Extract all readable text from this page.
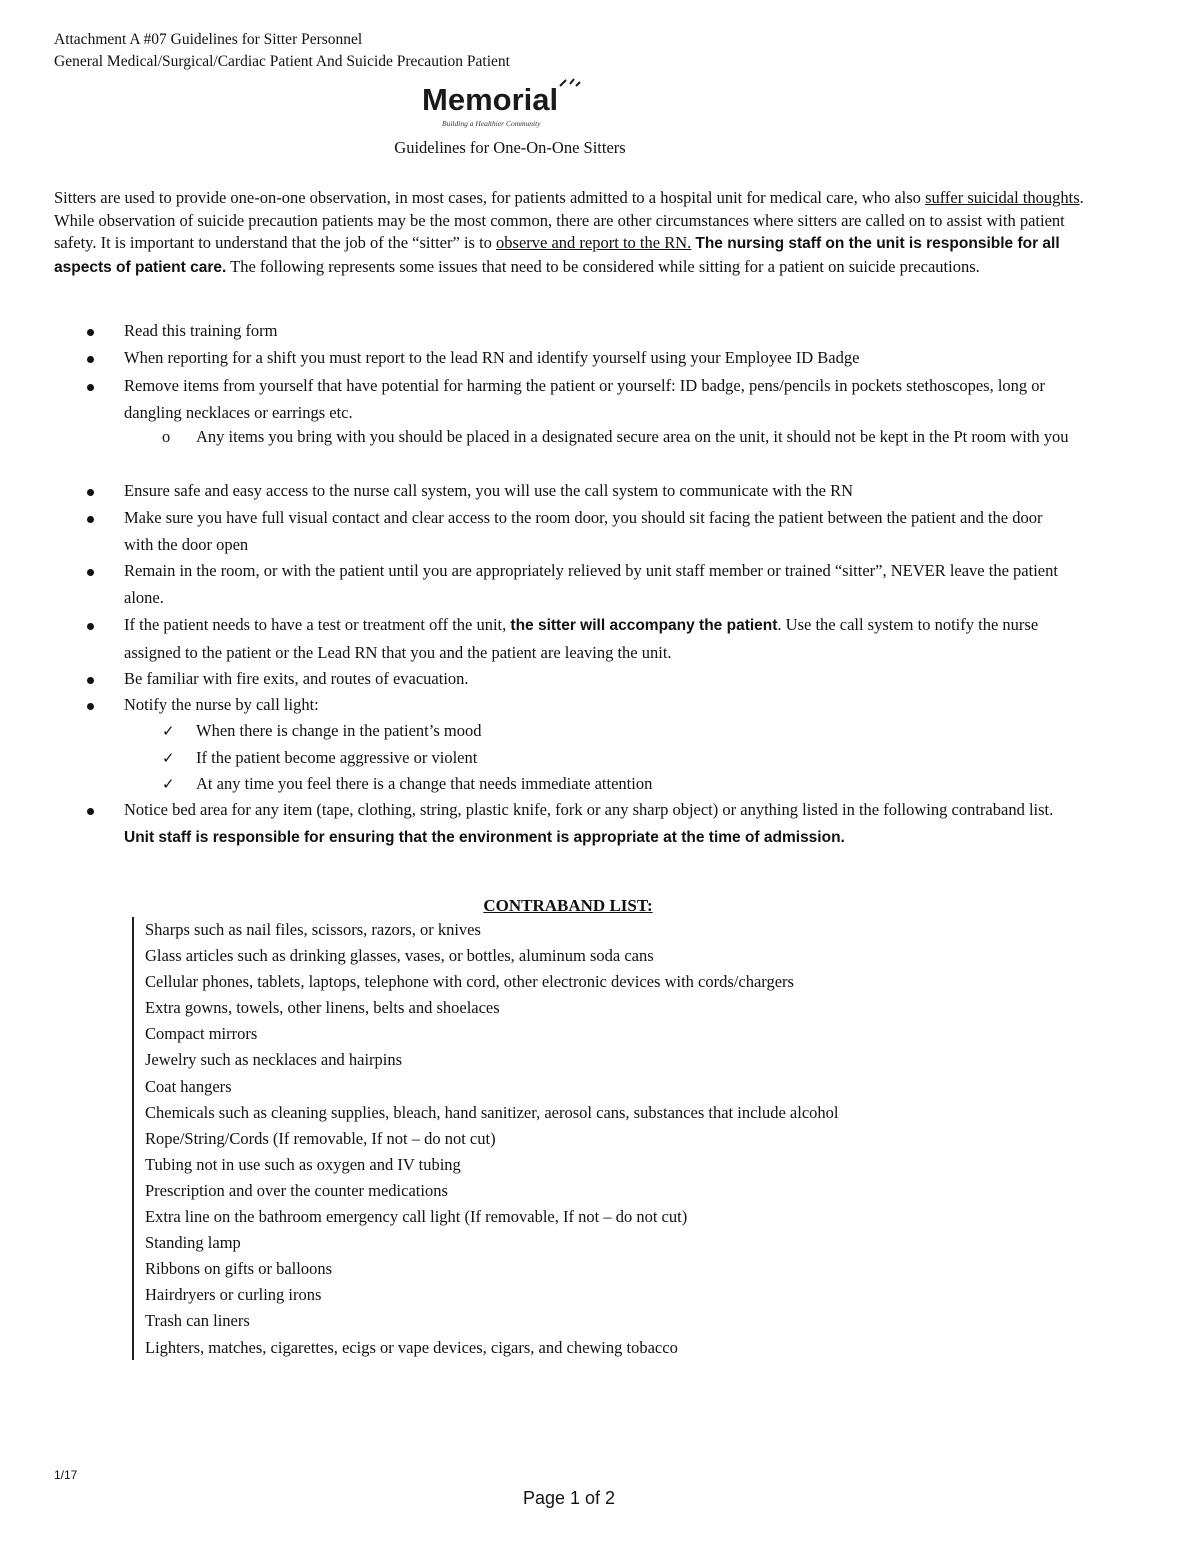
Attachment A #07 Guidelines for Sitter Personnel
General Medical/Surgical/Cardiac Patient And Suicide Precaution Patient
Memorial
Building a Healthier Community
Guidelines for One-On-One Sitters
Sitters are used to provide one-on-one observation, in most cases, for patients admitted to a hospital unit for medical care, who also suffer suicidal thoughts. While observation of suicide precaution patients may be the most common, there are other circumstances where sitters are called on to assist with patient safety. It is important to understand that the job of the “sitter” is to observe and report to the RN. The nursing staff on the unit is responsible for all aspects of patient care. The following represents some issues that need to be considered while sitting for a patient on suicide precautions.
Read this training form
When reporting for a shift you must report to the lead RN and identify yourself using your Employee ID Badge
Remove items from yourself that have potential for harming the patient or yourself: ID badge, pens/pencils in pockets stethoscopes, long or dangling necklaces or earrings etc.
o Any items you bring with you should be placed in a designated secure area on the unit, it should not be kept in the Pt room with you
Ensure safe and easy access to the nurse call system, you will use the call system to communicate with the RN
Make sure you have full visual contact and clear access to the room door, you should sit facing the patient between the patient and the door with the door open
Remain in the room, or with the patient until you are appropriately relieved by unit staff member or trained “sitter”, NEVER leave the patient alone.
If the patient needs to have a test or treatment off the unit, the sitter will accompany the patient. Use the call system to notify the nurse assigned to the patient or the Lead RN that you and the patient are leaving the unit.
Be familiar with fire exits, and routes of evacuation.
Notify the nurse by call light:
✓ When there is change in the patient’s mood
✓ If the patient become aggressive or violent
✓ At any time you feel there is a change that needs immediate attention
Notice bed area for any item (tape, clothing, string, plastic knife, fork or any sharp object) or anything listed in the following contraband list. Unit staff is responsible for ensuring that the environment is appropriate at the time of admission.
CONTRABAND LIST:
Sharps such as nail files, scissors, razors, or knives
Glass articles such as drinking glasses, vases, or bottles, aluminum soda cans
Cellular phones, tablets, laptops, telephone with cord, other electronic devices with cords/chargers
Extra gowns, towels, other linens, belts and shoelaces
Compact mirrors
Jewelry such as necklaces and hairpins
Coat hangers
Chemicals such as cleaning supplies, bleach, hand sanitizer, aerosol cans, substances that include alcohol
Rope/String/Cords (If removable, If not – do not cut)
Tubing not in use such as oxygen and IV tubing
Prescription and over the counter medications
Extra line on the bathroom emergency call light (If removable, If not – do not cut)
Standing lamp
Ribbons on gifts or balloons
Hairdryers or curling irons
Trash can liners
Lighters, matches, cigarettes, ecigs or vape devices, cigars, and chewing tobacco
1/17
Page 1 of 2
